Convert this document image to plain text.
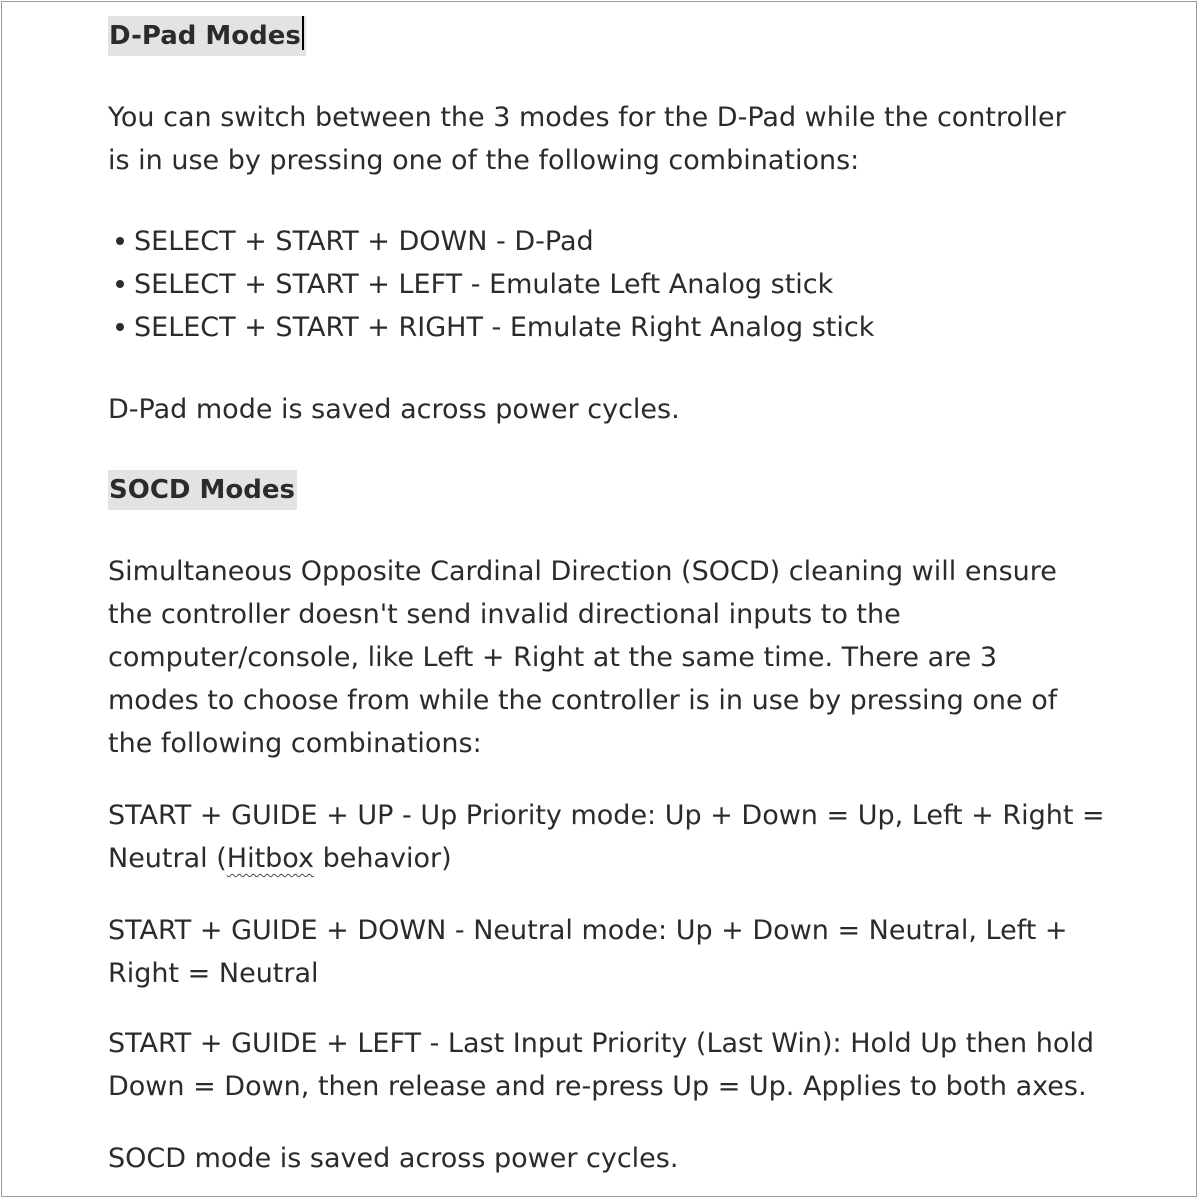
D-Pad Modes

You can switch between the 3 modes for the D-Pad while the controller
is in use by pressing one of the following combinations:

SELECT + START + DOWN - D-Pad
SELECT + START + LEFT - Emulate Left Analog stick
SELECT + START + RIGHT - Emulate Right Analog stick

D-Pad mode is saved across power cycles.

SOCD Modes

Simultaneous Opposite Cardinal Direction (SOCD) cleaning will ensure
the controller doesn't send invalid directional inputs to the
computer/console, like Left + Right at the same time. There are 3
modes to choose from while the controller is in use by pressing one of
the following combinations:

START + GUIDE + UP - Up Priority mode: Up + Down = Up, Left + Right =
Neutral (Hitbox behavior)

START + GUIDE + DOWN - Neutral mode: Up + Down = Neutral, Left +
Right = Neutral

START + GUIDE + LEFT - Last Input Priority (Last Win): Hold Up then hold
Down = Down, then release and re-press Up = Up. Applies to both axes.

SOCD mode is saved across power cycles.
